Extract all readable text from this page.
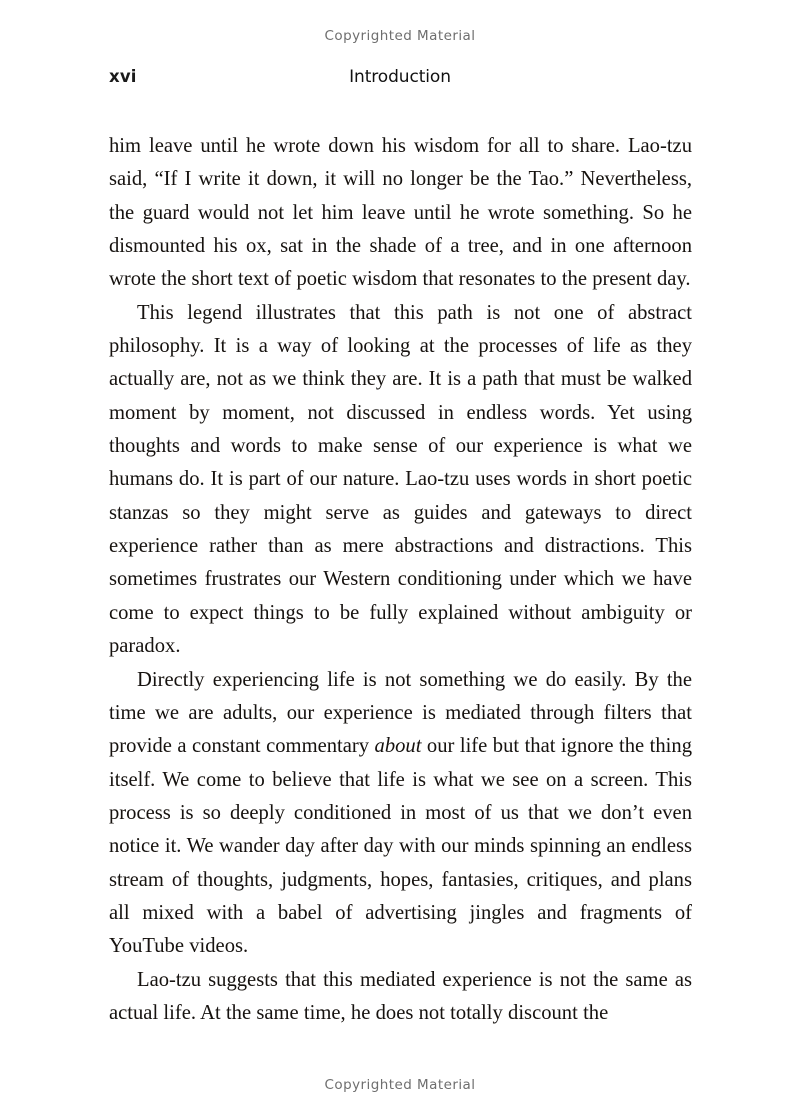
Copyrighted Material
xvi	Introduction

him leave until he wrote down his wisdom for all to share. Lao-tzu said, “If I write it down, it will no longer be the Tao.” Nevertheless, the guard would not let him leave until he wrote something. So he dismounted his ox, sat in the shade of a tree, and in one afternoon wrote the short text of poetic wisdom that resonates to the present day.

This legend illustrates that this path is not one of abstract philosophy. It is a way of looking at the processes of life as they actually are, not as we think they are. It is a path that must be walked moment by moment, not discussed in endless words. Yet using thoughts and words to make sense of our experience is what we humans do. It is part of our nature. Lao-tzu uses words in short poetic stanzas so they might serve as guides and gateways to direct experience rather than as mere abstractions and distractions. This sometimes frustrates our Western conditioning under which we have come to expect things to be fully explained without ambiguity or paradox.

Directly experiencing life is not something we do easily. By the time we are adults, our experience is mediated through filters that provide a constant commentary about our life but that ignore the thing itself. We come to believe that life is what we see on a screen. This process is so deeply conditioned in most of us that we don’t even notice it. We wander day after day with our minds spinning an endless stream of thoughts, judgments, hopes, fantasies, critiques, and plans all mixed with a babel of advertising jingles and fragments of YouTube videos.

Lao-tzu suggests that this mediated experience is not the same as actual life. At the same time, he does not totally discount the

Copyrighted Material
